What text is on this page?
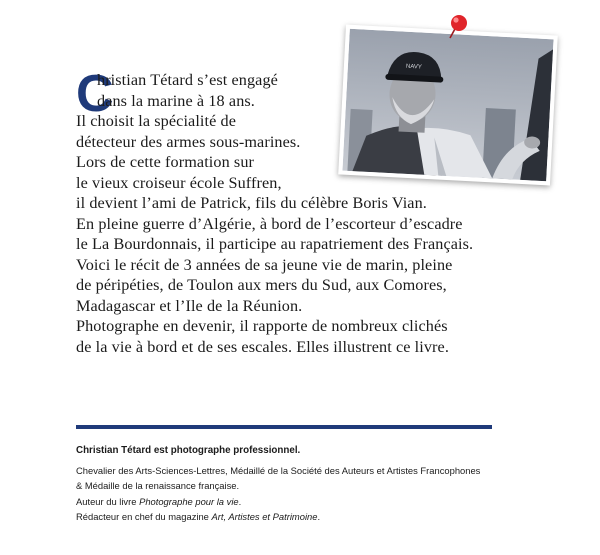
C
hristian Tétard s’est engagé
dans la marine à 18 ans.
Il choisit la spécialité de
détecteur des armes sous-marines.
Lors de cette formation sur
le vieux croiseur école Suffren,
il devient l’ami de Patrick, fils du célèbre Boris Vian.
En pleine guerre d’Algérie, à bord de l’escorteur d’escadre
le La Bourdonnais, il participe au rapatriement des Français.
Voici le récit de 3 années de sa jeune vie de marin, pleine
de péripéties, de Toulon aux mers du Sud, aux Comores,
Madagascar et l’Ile de la Réunion.
Photographe en devenir, il rapporte de nombreux clichés
de la vie à bord et de ses escales. Elles illustrent ce livre.
NAVY
Christian Tétard est photographe professionnel.
Chevalier des Arts-Sciences-Lettres, Médaillé de la Société des Auteurs et Artistes Francophones
& Médaille de la renaissance française.
Auteur du livre Photographe pour la vie.
Rédacteur en chef du magazine Art, Artistes et Patrimoine.
